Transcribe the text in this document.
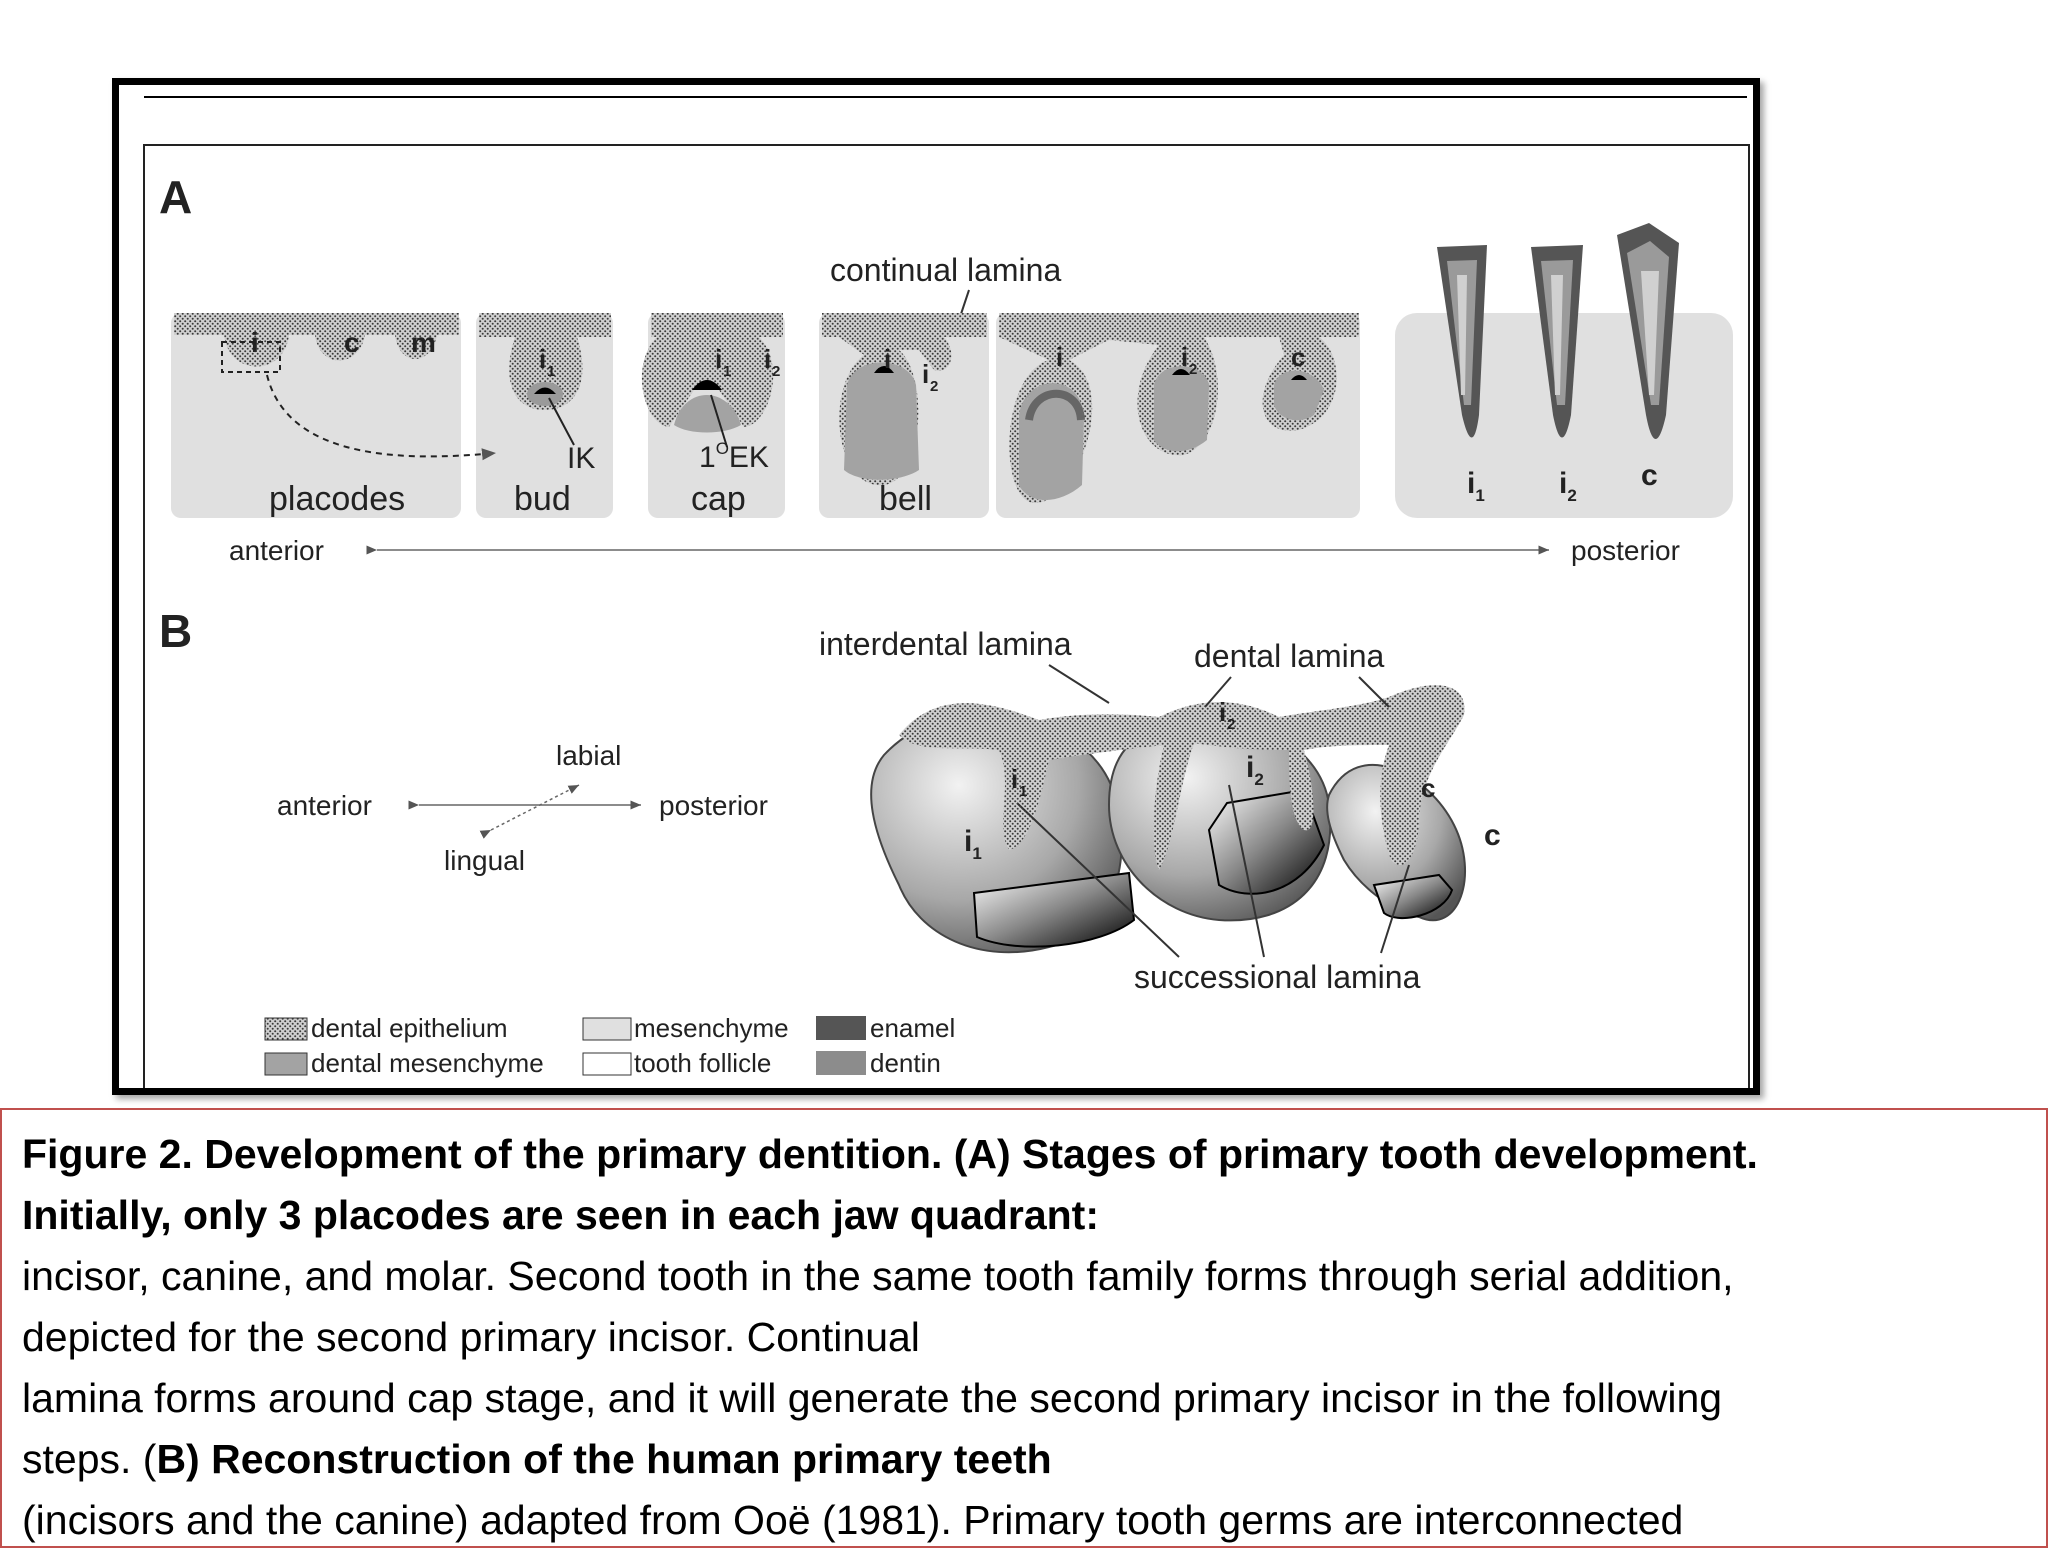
A
continual lamina
i	c m
i 1	i 1 i 2	i i 2
i	i 2	c
$i_1$ $i_2$
c
IK	$1^OEK$
placodes	bud	cap	bell
anterior	posterior
B
anterior	posterior
labial
lingual
i 1
i 2
c
$i_1$
$i_2$
c
interdental lamina	dental lamina
successional lamina
dental epithelium
dental mesenchyme
mesenchyme
tooth follicle
enamel
dentin

Figure 2. Development of the primary dentition. (A) Stages of primary tooth development.

Initially, only 3 placodes are seen in each jaw quadrant:

incisor, canine, and molar. Second tooth in the same tooth family forms through serial addition,

depicted for the second primary incisor. Continual

lamina forms around cap stage, and it will generate the second primary incisor in the following

steps. (B) Reconstruction of the human primary teeth

(incisors and the canine) adapted from Ooë (1981). Primary tooth germs are interconnected
